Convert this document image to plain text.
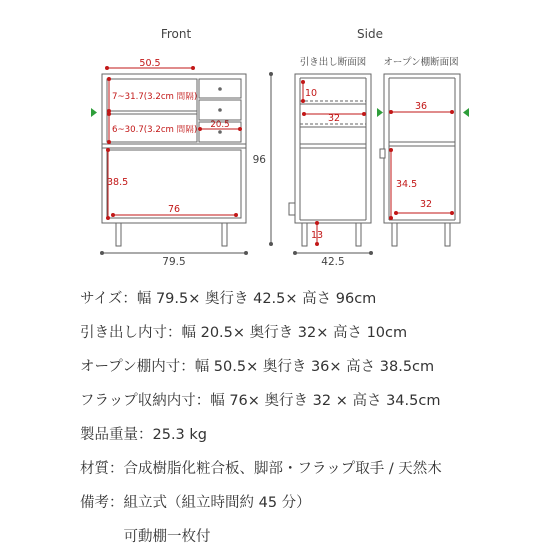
Front	Side
引き出し断面図 オープン棚断面図
50.5
7~31.7(3.2cm 間隔)
6~30.7(3.2cm 間隔) 20.5
38.5
76
79.5
96
10
32
13
42.5
36
34.5
32
サイズ：幅 79.5× 奥行き 42.5× 高さ 96cm
引き出し内寸：幅 20.5× 奥行き 32× 高さ 10cm
オープン棚内寸：幅 50.5× 奥行き 36× 高さ 38.5cm
フラップ収納内寸：幅 76× 奥行き 32 × 高さ 34.5cm
製品重量：25.3 kg
材質：合成樹脂化粧合板、脚部・フラップ取手 / 天然木
備考：組立式（組立時間約 45 分）
　　　可動棚一枚付
